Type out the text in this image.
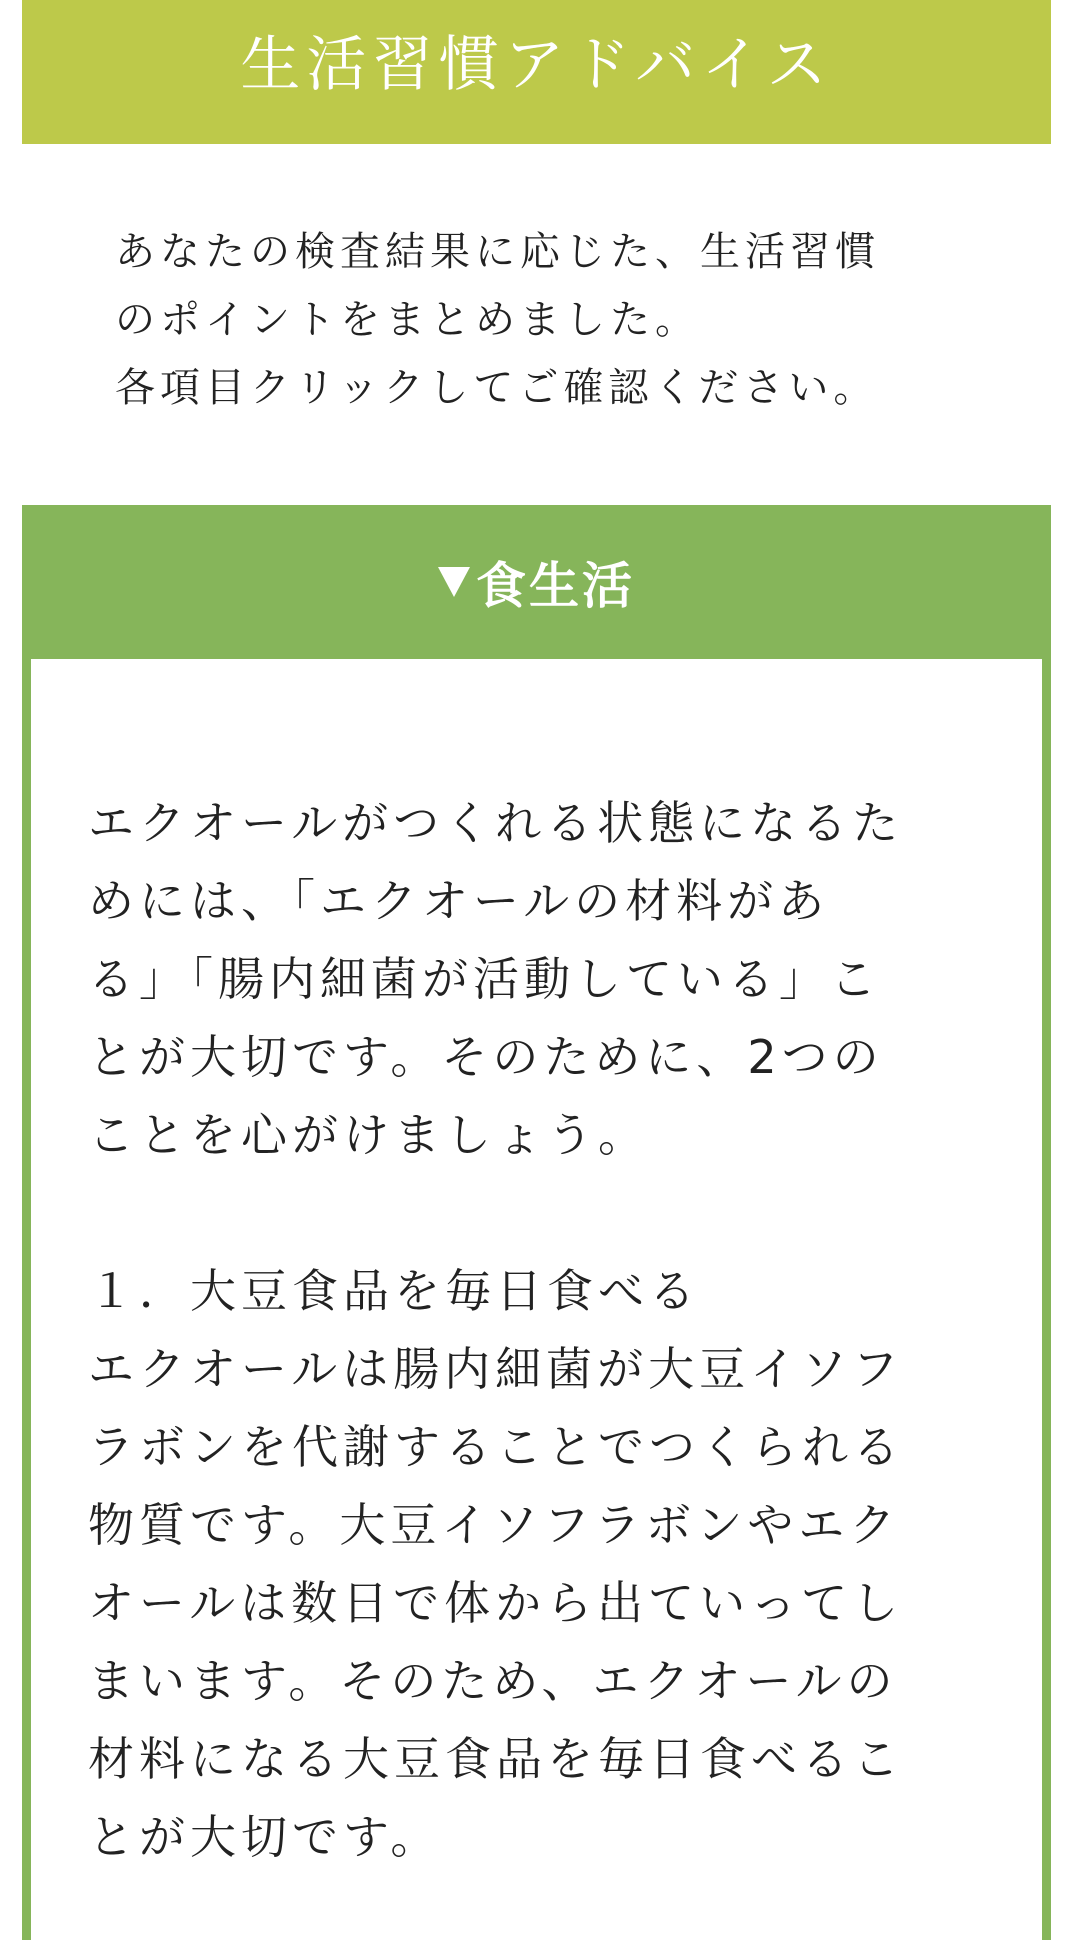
生活習慣アドバイス

あなたの検査結果に応じた、生活習慣

のポイントをまとめました。

各項目クリックしてご確認ください。

食生活

エクオールがつくれる状態になるた

めには、「エクオールの材料があ

る」「腸内細菌が活動している」こ

とが大切です。そのために、2つの

ことを心がけましょう。

１．大豆食品を毎日食べる

エクオールは腸内細菌が大豆イソフ

ラボンを代謝することでつくられる

物質です。大豆イソフラボンやエク

オールは数日で体から出ていってし

まいます。そのため、エクオールの

材料になる大豆食品を毎日食べるこ

とが大切です。
